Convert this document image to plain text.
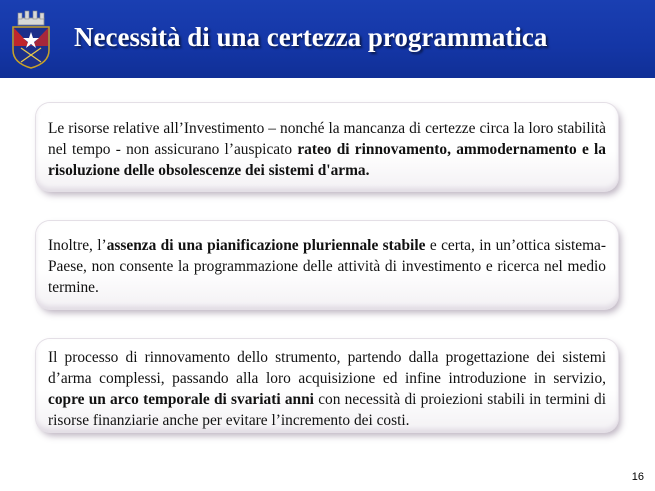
Necessità di una certezza programmatica

Le risorse relative all’Investimento – nonché la mancanza di certezze circa la loro stabilità nel tempo - non assicurano l’auspicato rateo di rinnovamento, ammodernamento e la risoluzione delle obsolescenze dei sistemi d'arma.

Inoltre, l’assenza di una pianificazione pluriennale stabile e certa, in un’ottica sistema-Paese, non consente la programmazione delle attività di investimento e ricerca nel medio termine.

Il processo di rinnovamento dello strumento, partendo dalla progettazione dei sistemi d’arma complessi, passando alla loro acquisizione ed infine introduzione in servizio, copre un arco temporale di svariati anni con necessità di proiezioni stabili in termini di risorse finanziarie anche per evitare l’incremento dei costi.

16
